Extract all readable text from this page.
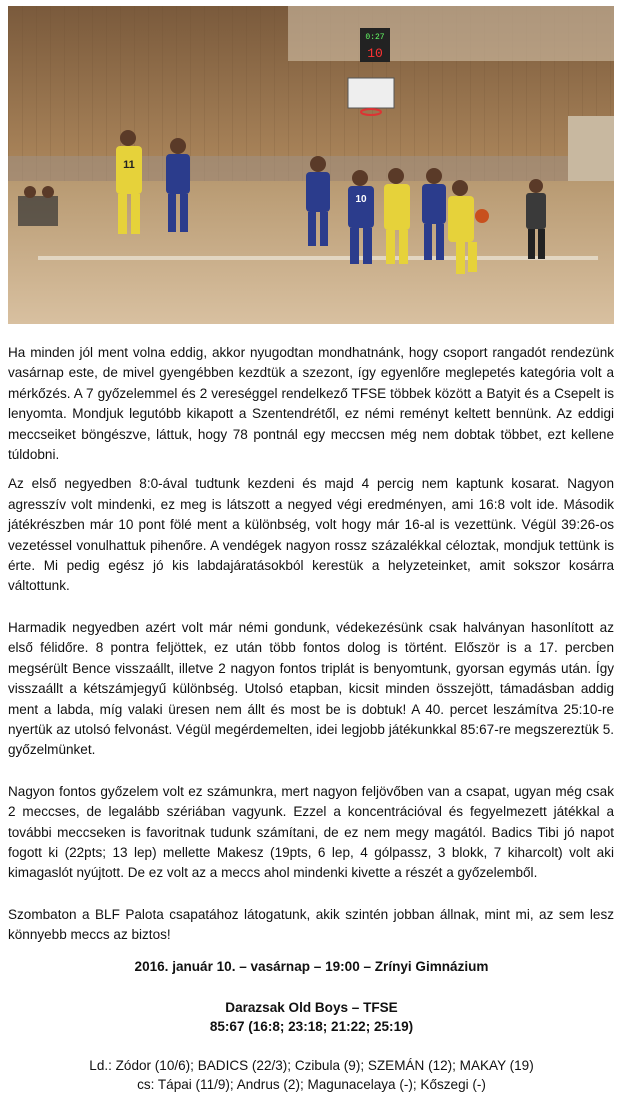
0:27
10
11
10

Ha minden jól ment volna eddig, akkor nyugodtan mondhatnánk, hogy csoport rangadót rendezünk vasárnap este, de mivel gyengébben kezdtük a szezont, így egyenlőre meglepetés kategória volt a mérkőzés. A 7 győzelemmel és 2 vereséggel rendelkező TFSE többek között a Batyit és a Csepelt is lenyomta. Mondjuk legutóbb kikapott a Szentendrétől, ez némi reményt keltett bennünk. Az eddigi meccseiket böngészve, láttuk, hogy 78 pontnál egy meccsen még nem dobtak többet, ezt kellene túldobni.

Az első negyedben 8:0-ával tudtunk kezdeni és majd 4 percig nem kaptunk kosarat. Nagyon agresszív volt mindenki, ez meg is látszott a negyed végi eredményen, ami 16:8 volt ide. Második játékrészben már 10 pont fölé ment a különbség, volt hogy már 16-al is vezettünk. Végül 39:26-os vezetéssel vonulhattuk pihenőre. A vendégek nagyon rossz százalékkal céloztak, mondjuk tettünk is érte. Mi pedig egész jó kis labdajáratásokból kerestük a helyzeteinket, amit sokszor kosárra váltottunk.

Harmadik negyedben azért volt már némi gondunk, védekezésünk csak halványan hasonlított az első félidőre. 8 pontra feljöttek, ez után több fontos dolog is történt. Először is a 17. percben megsérült Bence visszaállt, illetve 2 nagyon fontos triplát is benyomtunk, gyorsan egymás után. Így visszaállt a kétszámjegyű különbség. Utolsó etapban, kicsit minden összejött, támadásban addig ment a labda, míg valaki üresen nem állt és most be is dobtuk! A 40. percet leszámítva 25:10-re nyertük az utolsó felvonást. Végül megérdemelten, idei legjobb játékunkkal 85:67-re megszereztük 5. győzelmünket.

Nagyon fontos győzelem volt ez számunkra, mert nagyon feljövőben van a csapat, ugyan még csak 2 meccses, de legalább szériában vagyunk. Ezzel a koncentrációval és fegyelmezett játékkal a további meccseken is favoritnak tudunk számítani, de ez nem megy magától. Badics Tibi jó napot fogott ki (22pts; 13 lep) mellette Makesz (19pts, 6 lep, 4 gólpassz, 3 blokk, 7 kiharcolt) volt aki kimagaslót nyújtott. De ez volt az a meccs ahol mindenki kivette a részét a győzelemből.

Szombaton a BLF Palota csapatához látogatunk, akik szintén jobban állnak, mint mi, az sem lesz könnyebb meccs az biztos!

2016. január 10. – vasárnap – 19:00 – Zrínyi Gimnázium
Darazsak Old Boys – TFSE
85:67 (16:8; 23:18; 21:22; 25:19)
Ld.: Zódor (10/6); BADICS (22/3); Czibula (9); SZEMÁN (12); MAKAY (19)
cs: Tápai (11/9); Andrus (2); Magunacelaya (-); Kőszegi (-)
